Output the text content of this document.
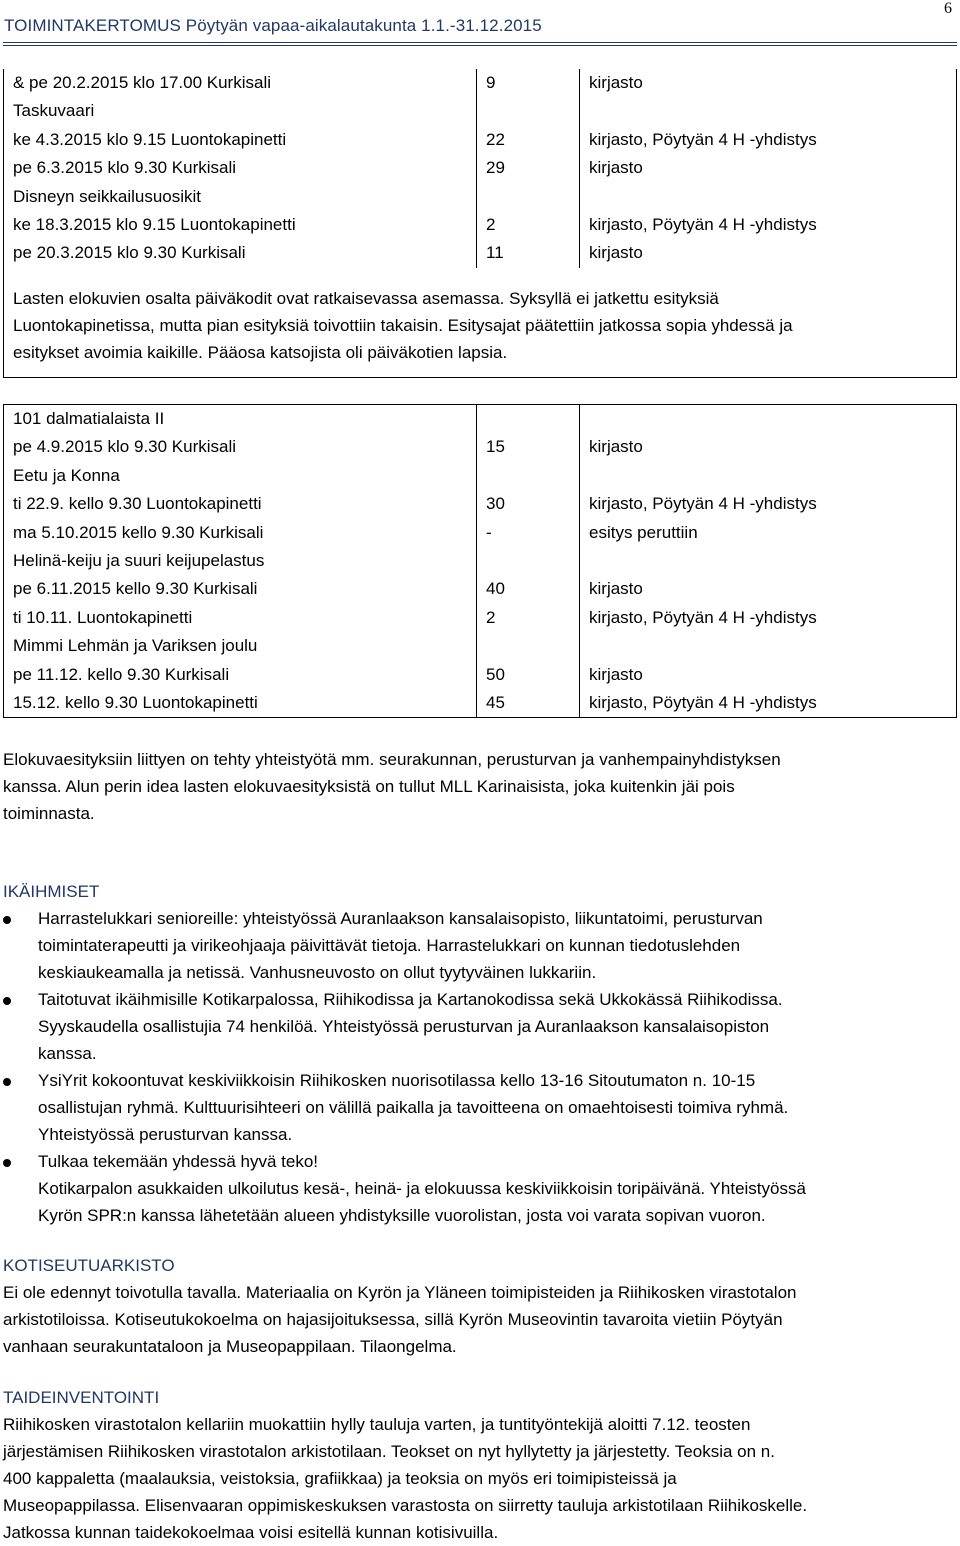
6
TOIMINTAKERTOMUS Pöytyän vapaa-aikalautakunta 1.1.-31.12.2015
& pe 20.2.2015 klo 17.00 Kurkisali	9	kirjasto
Taskuvaari		
ke 4.3.2015 klo 9.15 Luontokapinetti	22	kirjasto, Pöytyän 4 H -yhdistys
pe 6.3.2015 klo 9.30 Kurkisali	29	kirjasto
Disneyn seikkailusuosikit		
ke 18.3.2015 klo 9.15 Luontokapinetti	2	kirjasto, Pöytyän 4 H -yhdistys
pe 20.3.2015 klo 9.30 Kurkisali	11	kirjasto

Lasten elokuvien osalta päiväkodit ovat ratkaisevassa asemassa. Syksyllä ei jatkettu esityksiä

Luontokapinetissa, mutta pian esityksiä toivottiin takaisin. Esitysajat päätettiin jatkossa sopia yhdessä ja

esitykset avoimia kaikille. Pääosa katsojista oli päiväkotien lapsia.

101 dalmatialaista II		
pe 4.9.2015 klo 9.30 Kurkisali	15	kirjasto
Eetu ja Konna		
ti 22.9. kello 9.30 Luontokapinetti	30	kirjasto, Pöytyän 4 H -yhdistys
ma 5.10.2015 kello 9.30 Kurkisali	-	esitys peruttiin
Helinä-keiju ja suuri keijupelastus		
pe 6.11.2015 kello 9.30 Kurkisali	40	kirjasto
ti 10.11. Luontokapinetti	2	kirjasto, Pöytyän 4 H -yhdistys
Mimmi Lehmän ja Variksen joulu		
pe 11.12. kello 9.30 Kurkisali	50	kirjasto
15.12. kello 9.30 Luontokapinetti	45	kirjasto, Pöytyän 4 H -yhdistys
Elokuvaesityksiin liittyen on tehty yhteistyötä mm. seurakunnan, perusturvan ja vanhempainyhdistyksen
kanssa. Alun perin idea lasten elokuvaesityksistä on tullut MLL Karinaisista, joka kuitenkin jäi pois
toiminnasta.
IKÄIHMISET
Harrastelukkari senioreille: yhteistyössä Auranlaakson kansalaisopisto, liikuntatoimi, perusturvan
toimintaterapeutti ja virikeohjaaja päivittävät tietoja. Harrastelukkari on kunnan tiedotuslehden
keskiaukeamalla ja netissä. Vanhusneuvosto on ollut tyytyväinen lukkariin.
Taitotuvat ikäihmisille Kotikarpalossa, Riihikodissa ja Kartanokodissa sekä Ukkokässä Riihikodissa.
Syyskaudella osallistujia 74 henkilöä. Yhteistyössä perusturvan ja Auranlaakson kansalaisopiston
kanssa.
YsiYrit kokoontuvat keskiviikkoisin Riihikosken nuorisotilassa kello 13-16 Sitoutumaton n. 10-15
osallistujan ryhmä. Kulttuurisihteeri on välillä paikalla ja tavoitteena on omaehtoisesti toimiva ryhmä.
Yhteistyössä perusturvan kanssa.
Tulkaa tekemään yhdessä hyvä teko!
Kotikarpalon asukkaiden ulkoilutus kesä-, heinä- ja elokuussa keskiviikkoisin toripäivänä. Yhteistyössä
Kyrön SPR:n kanssa lähetetään alueen yhdistyksille vuorolistan, josta voi varata sopivan vuoron.
KOTISEUTUARKISTO
Ei ole edennyt toivotulla tavalla. Materiaalia on Kyrön ja Yläneen toimipisteiden ja Riihikosken virastotalon
arkistotiloissa. Kotiseutukokoelma on hajasijoituksessa, sillä Kyrön Museovintin tavaroita vietiin Pöytyän
vanhaan seurakuntataloon ja Museopappilaan. Tilaongelma.
TAIDEINVENTOINTI
Riihikosken virastotalon kellariin muokattiin hylly tauluja varten, ja tuntityöntekijä aloitti 7.12. teosten
järjestämisen Riihikosken virastotalon arkistotilaan. Teokset on nyt hyllytetty ja järjestetty. Teoksia on n.
400 kappaletta (maalauksia, veistoksia, grafiikkaa) ja teoksia on myös eri toimipisteissä ja
Museopappilassa. Elisenvaaran oppimiskeskuksen varastosta on siirretty tauluja arkistotilaan Riihikoskelle.
Jatkossa kunnan taidekokoelmaa voisi esitellä kunnan kotisivuilla.
